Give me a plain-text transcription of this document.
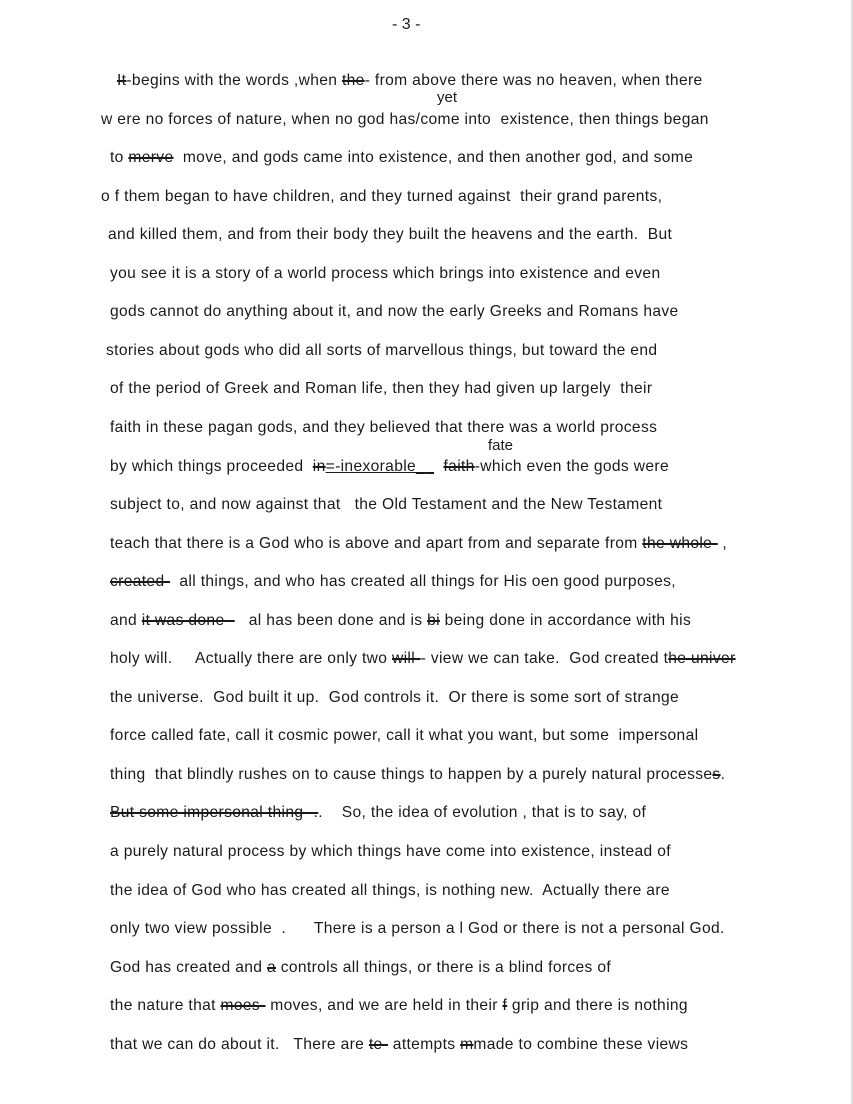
- 3 -
yet
fate
It-begins with the words ,when the- from above there was no heaven, when there
w ere no forces of nature, when no god has/come into  existence, then things began
to merve  move, and gods came into existence, and then another god, and some
o f them began to have children, and they turned against  their grand parents,
and killed them, and from their body they built the heavens and the earth.  But
you see it is a story of a world process which brings into existence and even
gods cannot do anything about it, and now the early Greeks and Romans have
stories about gods who did all sorts of marvellous things, but toward the end
of the period of Greek and Roman life, then they had given up largely  their
faith in these pagan gods, and they believed that there was a world process
by which things proceeded  in=-inexorable__ faith-which even the gods were
subject to, and now against that   the Old Testament and the New Testament
teach that there is a God who is above and apart from and separate from the whole- ,
created-  all things, and who has created all things for His oen good purposes,
and it was done -   al has been done and is bi being done in accordance with his
holy will.     Actually there are only two will-- view we can take.  God created the univer
the universe.  God built it up.  God controls it.  Or there is some sort of strange
force called fate, call it cosmic power, call it what you want, but some  impersonal
thing  that blindly rushes on to cause things to happen by a purely natural processes.
But some impersonal thing -..    So, the idea of evolution , that is to say, of
a purely natural process by which things have come into existence, instead of
the idea of God who has created all things, is nothing new.  Actually there are
only two view possible  .      There is a person a l God or there is not a personal God.
God has created and a controls all things, or there is a blind forces of
the nature that moes- moves, and we are held in their f grip and there is nothing
that we can do about it.   There are te- attempts mmade to combine these views
